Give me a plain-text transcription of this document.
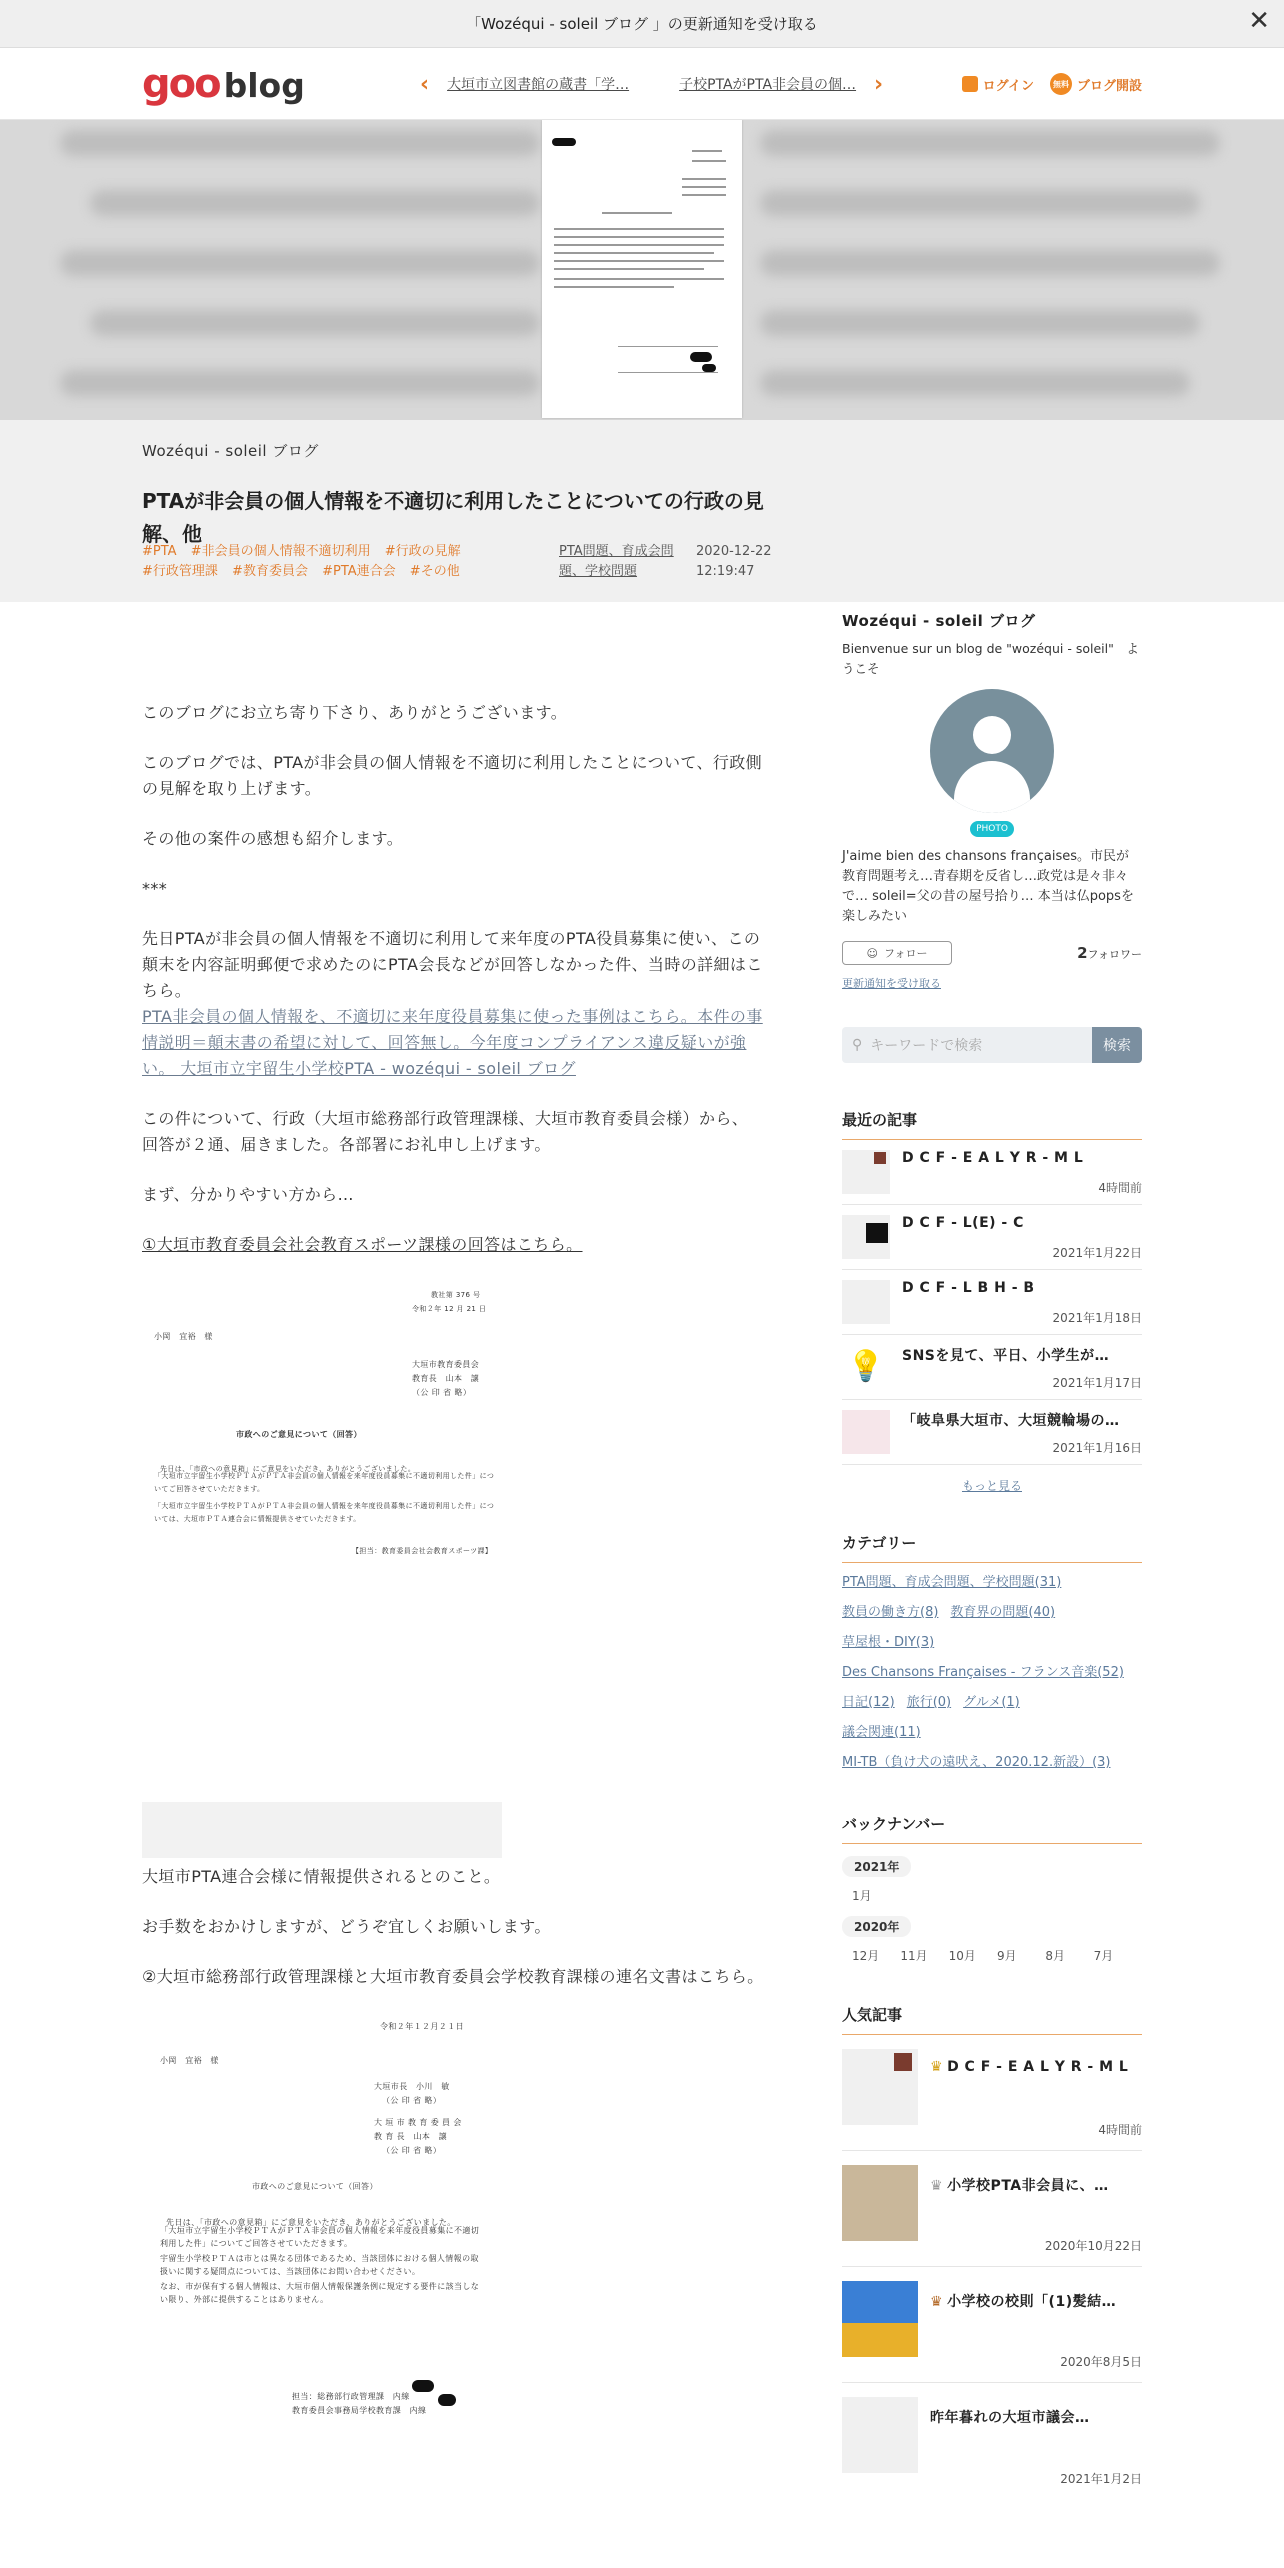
「Wozéqui - soleil ブログ 」の更新通知を受け取る	✕
goo blog	‹ 大垣市立図書館の蔵書「学…	子校PTAがPTA非会員の個… ›	ログイン	無料 ブログ開設
Wozéqui - soleil ブログ
PTAが非会員の個人情報を不適切に利用したことについての行政の見解、他
#PTA #非会員の個人情報不適切利用 #行政の見解 #行政管理課 #教育委員会 #PTA連合会 #その他
PTA問題、育成会問題、学校問題
2020-12-22
12:19:47

このブログにお立ち寄り下さり、ありがとうございます。

このブログでは、PTAが非会員の個人情報を不適切に利用したことについて、行政側の見解を取り上げます。

その他の案件の感想も紹介します。

***

先日PTAが非会員の個人情報を不適切に利用して来年度のPTA役員募集に使い、この顛末を内容証明郵便で求めたのにPTA会長などが回答しなかった件、当時の詳細はこちら。
PTA非会員の個人情報を、不適切に来年度役員募集に使った事例はこちら。本件の事情説明＝顛末書の希望に対して、回答無し。今年度コンプライアンス違反疑いが強い。 大垣市立宇留生小学校PTA - wozéqui - soleil ブログ

この件について、行政（大垣市総務部行政管理課様、大垣市教育委員会様）から、回答が２通、届きました。各部署にお礼申し上げます。

まず、分かりやすい方から…

①大垣市教育委員会社会教育スポーツ課様の回答はこちら。

教社第 376 号
令和２年 12 月 21 日
小岡　宜裕　様
大垣市教育委員会
教育長　山本　譲
（公 印 省 略）
市政へのご意見について（回答）
先日は、「市政への意見箱」にご意見をいただき、ありがとうございました。
「大垣市立宇留生小学校ＰＴＡがＰＴＡ非会員の個人情報を来年度役員募集に不適切利用した件」についてご回答させていただきます。
「大垣市立宇留生小学校ＰＴＡがＰＴＡ非会員の個人情報を来年度役員募集に不適切利用した件」については、大垣市ＰＴＡ連合会に情報提供させていただきます。
【担当：教育委員会社会教育スポーツ課】

大垣市PTA連合会様に情報提供されるとのこと。

お手数をおかけしますが、どうぞ宜しくお願いします。

②大垣市総務部行政管理課様と大垣市教育委員会学校教育課様の連名文書はこちら。

令和２年１２月２１日
小岡　宜裕　様
大垣市長　小川　敏
（公 印 省 略）
大 垣 市 教 育 委 員 会
教 育 長　山本　譲
（公 印 省 略）
市政へのご意見について（回答）
先日は、「市政への意見箱」にご意見をいただき、ありがとうございました。
「大垣市立宇留生小学校ＰＴＡがＰＴＡ非会員の個人情報を来年度役員募集に不適切利用した件」についてご回答させていただきます。
宇留生小学校ＰＴＡは市とは異なる団体であるため、当該団体における個人情報の取扱いに関する疑問点については、当該団体にお問い合わせください。
なお、市が保有する個人情報は、大垣市個人情報保護条例に規定する要件に該当しない限り、外部に提供することはありません。
担当：総務部行政管理課　内線
教育委員会事務局学校教育課　内線
Wozéqui - soleil ブログ
Bienvenue sur un blog de "wozéqui - soleil"　ようこそ
PHOTO
J'aime bien des chansons françaises。市民が教育問題考え…青春期を反省し…政党は是々非々で… soleil=父の昔の屋号拾り… 本当は仏popsを楽しみたい
☺ フォロー	2フォロワー
更新通知を受け取る
⚲ キーワードで検索	検索
最近の記事
D C F - E A L Y R - M L
4時間前
D C F - L(E) - C
2021年1月22日
D C F - L B H - B
2021年1月18日
💡	SNSを見て、平日、小学生が…
2021年1月17日
「岐阜県大垣市、大垣競輪場の…
2021年1月16日
もっと見る
カテゴリー
PTA問題、育成会問題、学校問題(31)
教員の働き方(8) 教育界の問題(40)
草屋根・DIY(3)
Des Chansons Françaises - フランス音楽(52)
日記(12) 旅行(0) グルメ(1)
議会関連(11)
MI-TB（負け犬の遠吠え、2020.12.新設）(3)
バックナンバー
2021年
1月
2020年
12月	11月	10月	9月	8月	7月
人気記事
♛ D C F - E A L Y R - M L
4時間前
♛ 小学校PTA非会員に、…
2020年10月22日
♛ 小学校の校則「(1)髪結…
2020年8月5日
昨年暮れの大垣市議会…
2021年1月2日
